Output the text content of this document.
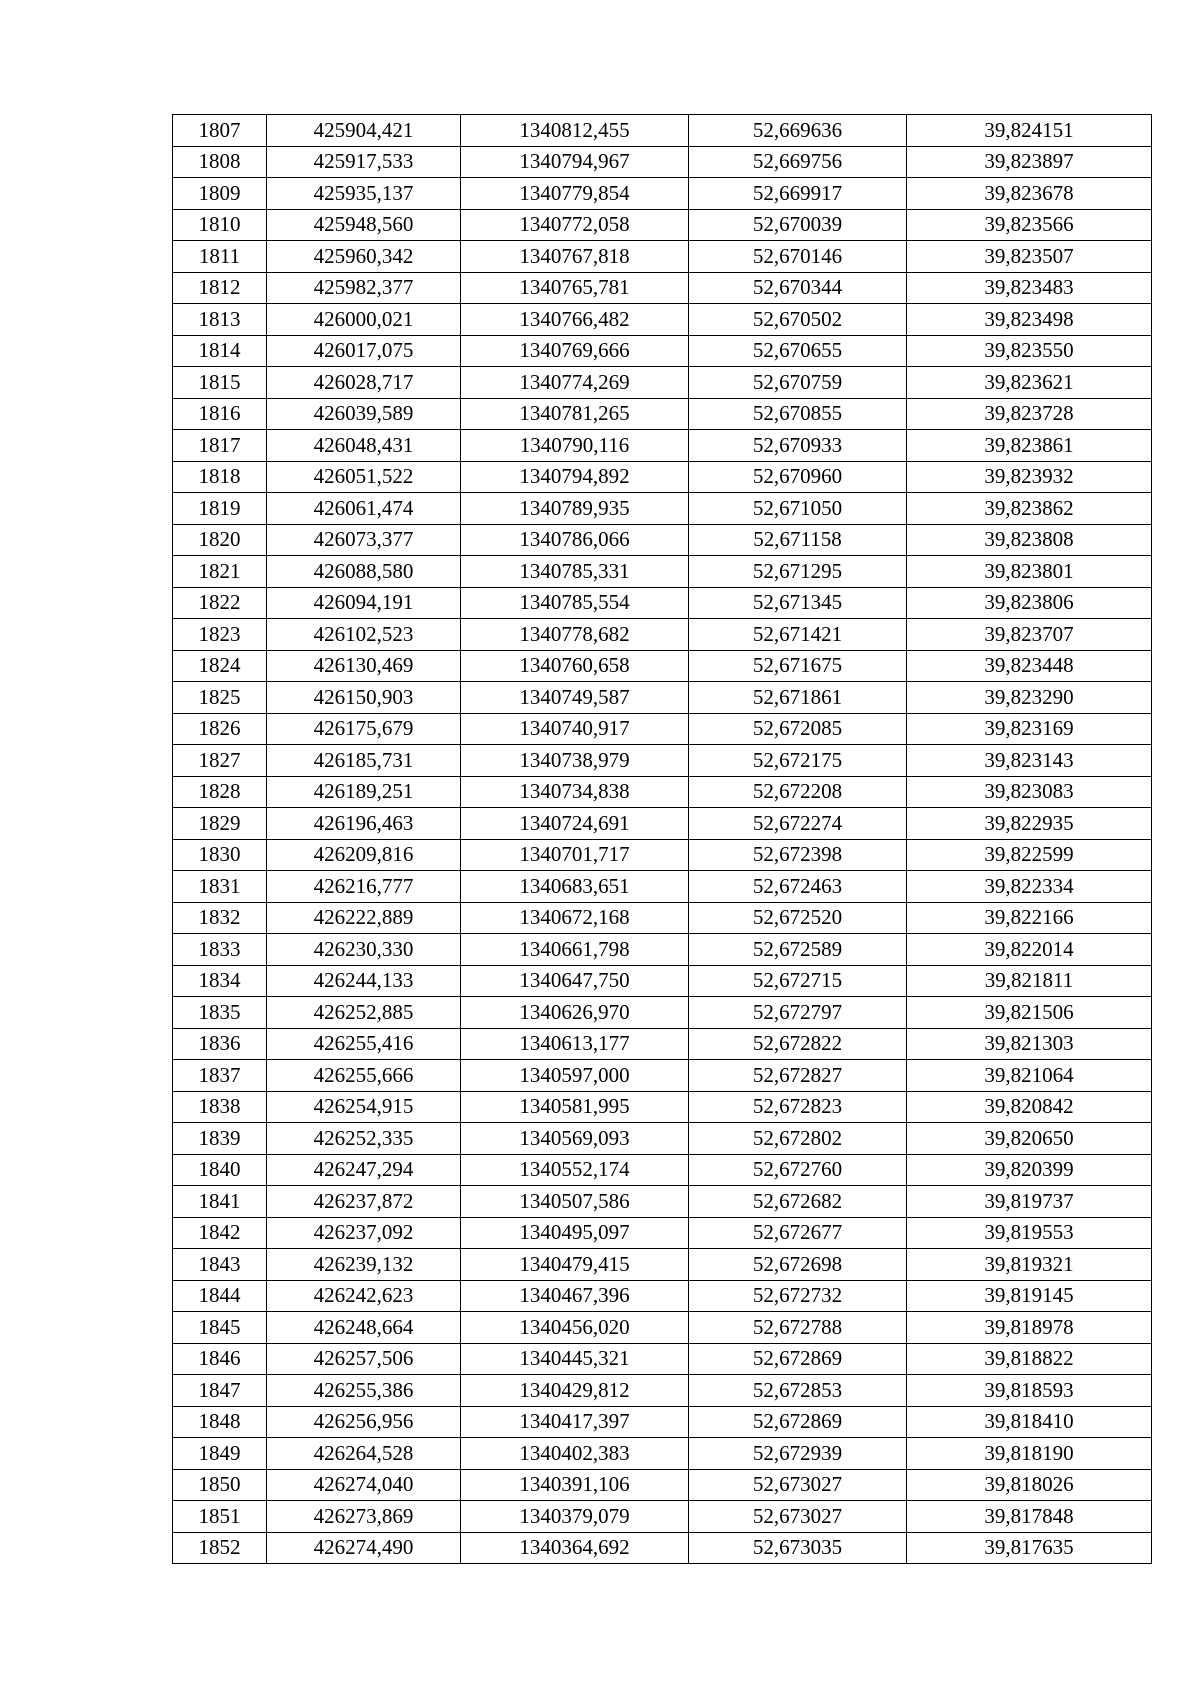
1807	425904,421	1340812,455	52,669636	39,824151
1808	425917,533	1340794,967	52,669756	39,823897
1809	425935,137	1340779,854	52,669917	39,823678
1810	425948,560	1340772,058	52,670039	39,823566
1811	425960,342	1340767,818	52,670146	39,823507
1812	425982,377	1340765,781	52,670344	39,823483
1813	426000,021	1340766,482	52,670502	39,823498
1814	426017,075	1340769,666	52,670655	39,823550
1815	426028,717	1340774,269	52,670759	39,823621
1816	426039,589	1340781,265	52,670855	39,823728
1817	426048,431	1340790,116	52,670933	39,823861
1818	426051,522	1340794,892	52,670960	39,823932
1819	426061,474	1340789,935	52,671050	39,823862
1820	426073,377	1340786,066	52,671158	39,823808
1821	426088,580	1340785,331	52,671295	39,823801
1822	426094,191	1340785,554	52,671345	39,823806
1823	426102,523	1340778,682	52,671421	39,823707
1824	426130,469	1340760,658	52,671675	39,823448
1825	426150,903	1340749,587	52,671861	39,823290
1826	426175,679	1340740,917	52,672085	39,823169
1827	426185,731	1340738,979	52,672175	39,823143
1828	426189,251	1340734,838	52,672208	39,823083
1829	426196,463	1340724,691	52,672274	39,822935
1830	426209,816	1340701,717	52,672398	39,822599
1831	426216,777	1340683,651	52,672463	39,822334
1832	426222,889	1340672,168	52,672520	39,822166
1833	426230,330	1340661,798	52,672589	39,822014
1834	426244,133	1340647,750	52,672715	39,821811
1835	426252,885	1340626,970	52,672797	39,821506
1836	426255,416	1340613,177	52,672822	39,821303
1837	426255,666	1340597,000	52,672827	39,821064
1838	426254,915	1340581,995	52,672823	39,820842
1839	426252,335	1340569,093	52,672802	39,820650
1840	426247,294	1340552,174	52,672760	39,820399
1841	426237,872	1340507,586	52,672682	39,819737
1842	426237,092	1340495,097	52,672677	39,819553
1843	426239,132	1340479,415	52,672698	39,819321
1844	426242,623	1340467,396	52,672732	39,819145
1845	426248,664	1340456,020	52,672788	39,818978
1846	426257,506	1340445,321	52,672869	39,818822
1847	426255,386	1340429,812	52,672853	39,818593
1848	426256,956	1340417,397	52,672869	39,818410
1849	426264,528	1340402,383	52,672939	39,818190
1850	426274,040	1340391,106	52,673027	39,818026
1851	426273,869	1340379,079	52,673027	39,817848
1852	426274,490	1340364,692	52,673035	39,817635
